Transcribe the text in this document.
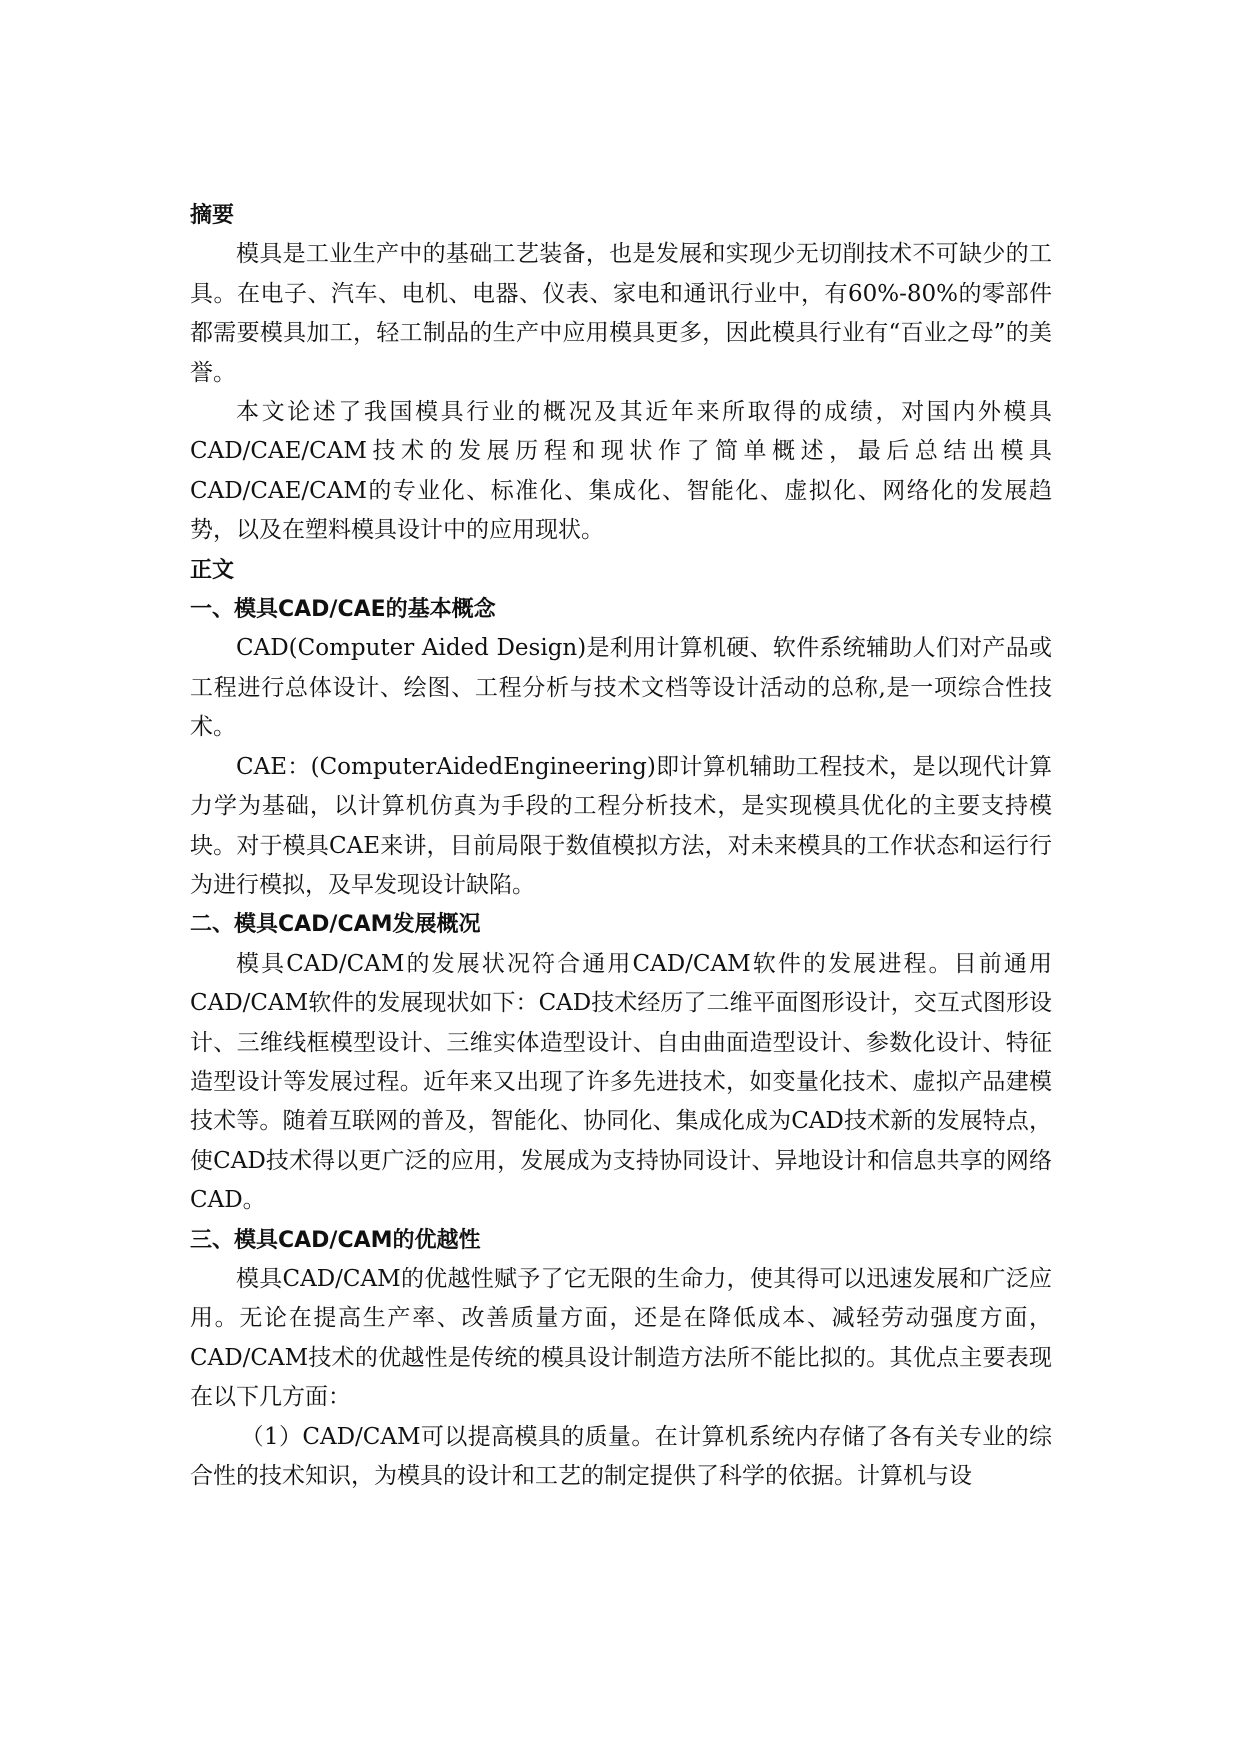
摘要

模具是工业生产中的基础工艺装备，也是发展和实现少无切削技术不可缺少的工具。在电子、汽车、电机、电器、仪表、家电和通讯行业中，有60%-80%的零部件都需要模具加工，轻工制品的生产中应用模具更多，因此模具行业有“百业之母”的美誉。

本文论述了我国模具行业的概况及其近年来所取得的成绩，对国内外模具CAD/CAE/CAM技术的发展历程和现状作了简单概述，最后总结出模具CAD/CAE/CAM的专业化、标准化、集成化、智能化、虚拟化、网络化的发展趋势，以及在塑料模具设计中的应用现状。

正文

一、模具CAD/CAE的基本概念

CAD(Computer Aided Design)是利用计算机硬、软件系统辅助人们对产品或工程进行总体设计、绘图、工程分析与技术文档等设计活动的总称,是一项综合性技术。

CAE：(ComputerAidedEngineering)即计算机辅助工程技术，是以现代计算力学为基础，以计算机仿真为手段的工程分析技术，是实现模具优化的主要支持模块。对于模具CAE来讲，目前局限于数值模拟方法，对未来模具的工作状态和运行行为进行模拟，及早发现设计缺陷。

二、模具CAD/CAM发展概况

模具CAD/CAM的发展状况符合通用CAD/CAM软件的发展进程。目前通用CAD/CAM软件的发展现状如下：CAD技术经历了二维平面图形设计，交互式图形设计、三维线框模型设计、三维实体造型设计、自由曲面造型设计、参数化设计、特征造型设计等发展过程。近年来又出现了许多先进技术，如变量化技术、虚拟产品建模技术等。随着互联网的普及，智能化、协同化、集成化成为CAD技术新的发展特点，使CAD技术得以更广泛的应用，发展成为支持协同设计、异地设计和信息共享的网络CAD。

三、模具CAD/CAM的优越性

模具CAD/CAM的优越性赋予了它无限的生命力，使其得可以迅速发展和广泛应用。无论在提高生产率、改善质量方面，还是在降低成本、减轻劳动强度方面，CAD/CAM技术的优越性是传统的模具设计制造方法所不能比拟的。其优点主要表现在以下几方面：

（1）CAD/CAM可以提高模具的质量。在计算机系统内存储了各有关专业的综合性的技术知识，为模具的设计和工艺的制定提供了科学的依据。计算机与设
